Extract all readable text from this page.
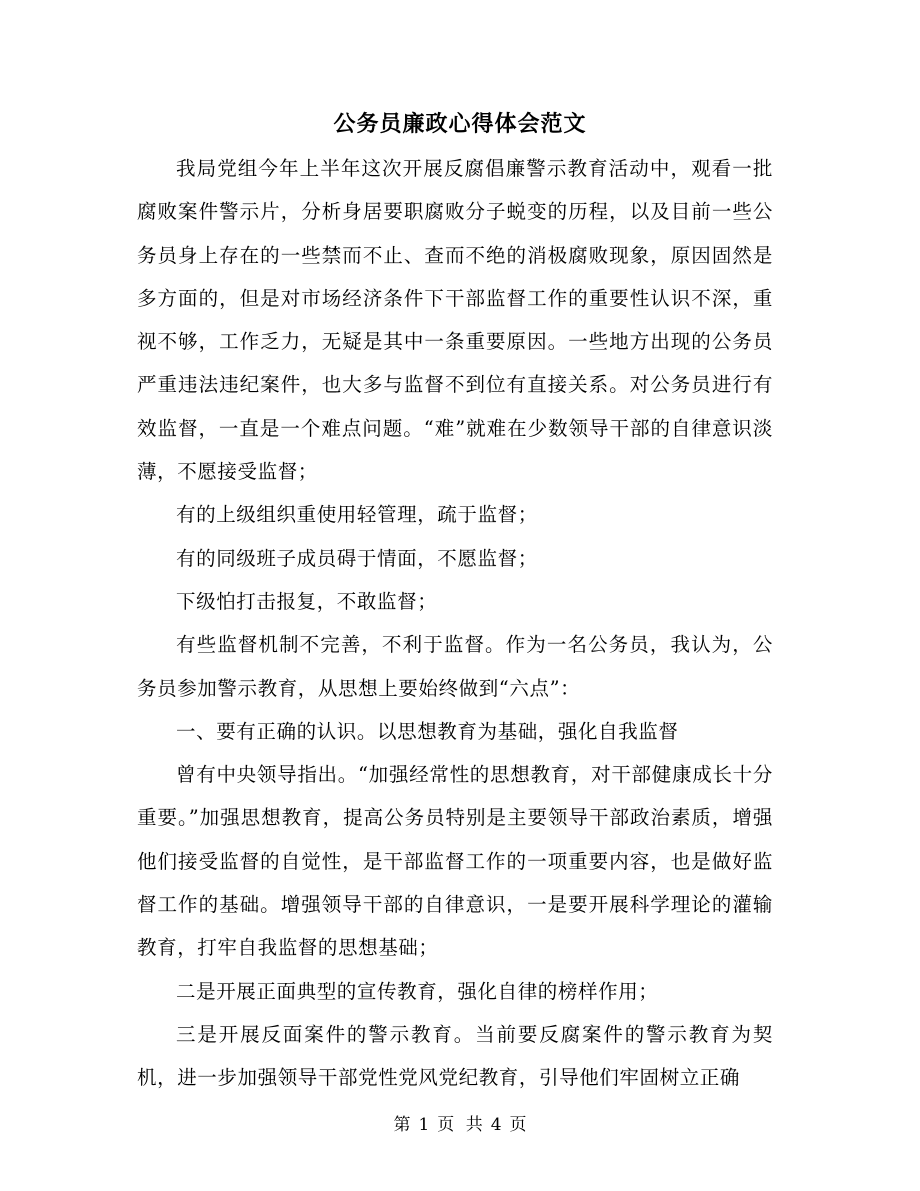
公务员廉政心得体会范文

我局党组今年上半年这次开展反腐倡廉警示教育活动中，观看一批腐败案件警示片，分析身居要职腐败分子蜕变的历程，以及目前一些公务员身上存在的一些禁而不止、查而不绝的消极腐败现象，原因固然是多方面的，但是对市场经济条件下干部监督工作的重要性认识不深，重视不够，工作乏力，无疑是其中一条重要原因。一些地方出现的公务员严重违法违纪案件，也大多与监督不到位有直接关系。对公务员进行有效监督，一直是一个难点问题。“难”就难在少数领导干部的自律意识淡薄，不愿接受监督；

有的上级组织重使用轻管理，疏于监督；

有的同级班子成员碍于情面，不愿监督；

下级怕打击报复，不敢监督；

有些监督机制不完善，不利于监督。作为一名公务员，我认为，公务员参加警示教育，从思想上要始终做到“六点”：

一、要有正确的认识。以思想教育为基础，强化自我监督

曾有中央领导指出。“加强经常性的思想教育，对干部健康成长十分重要。”加强思想教育，提高公务员特别是主要领导干部政治素质，增强他们接受监督的自觉性，是干部监督工作的一项重要内容，也是做好监督工作的基础。增强领导干部的自律意识，一是要开展科学理论的灌输教育，打牢自我监督的思想基础；

二是开展正面典型的宣传教育，强化自律的榜样作用；

三是开展反面案件的警示教育。当前要反腐案件的警示教育为契机，进一步加强领导干部党性党风党纪教育，引导他们牢固树立正确

第 1 页 共 4 页
